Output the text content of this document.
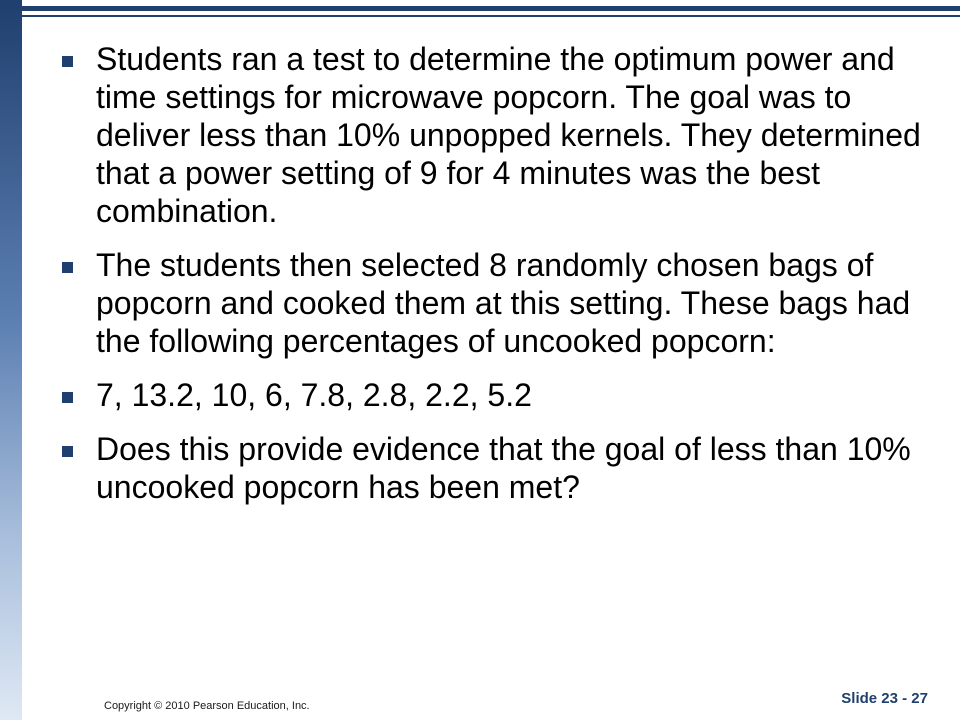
Students ran a test to determine the optimum power and time settings for microwave popcorn. The goal was to deliver less than 10% unpopped kernels. They determined that a power setting of 9 for 4 minutes was the best combination.
The students then selected 8 randomly chosen bags of popcorn and cooked them at this setting. These bags had the following percentages of uncooked popcorn:
7, 13.2, 10, 6, 7.8, 2.8, 2.2, 5.2
Does this provide evidence that the goal of less than 10% uncooked popcorn has been met?
Copyright © 2010 Pearson Education, Inc.	Slide 23 - 27
